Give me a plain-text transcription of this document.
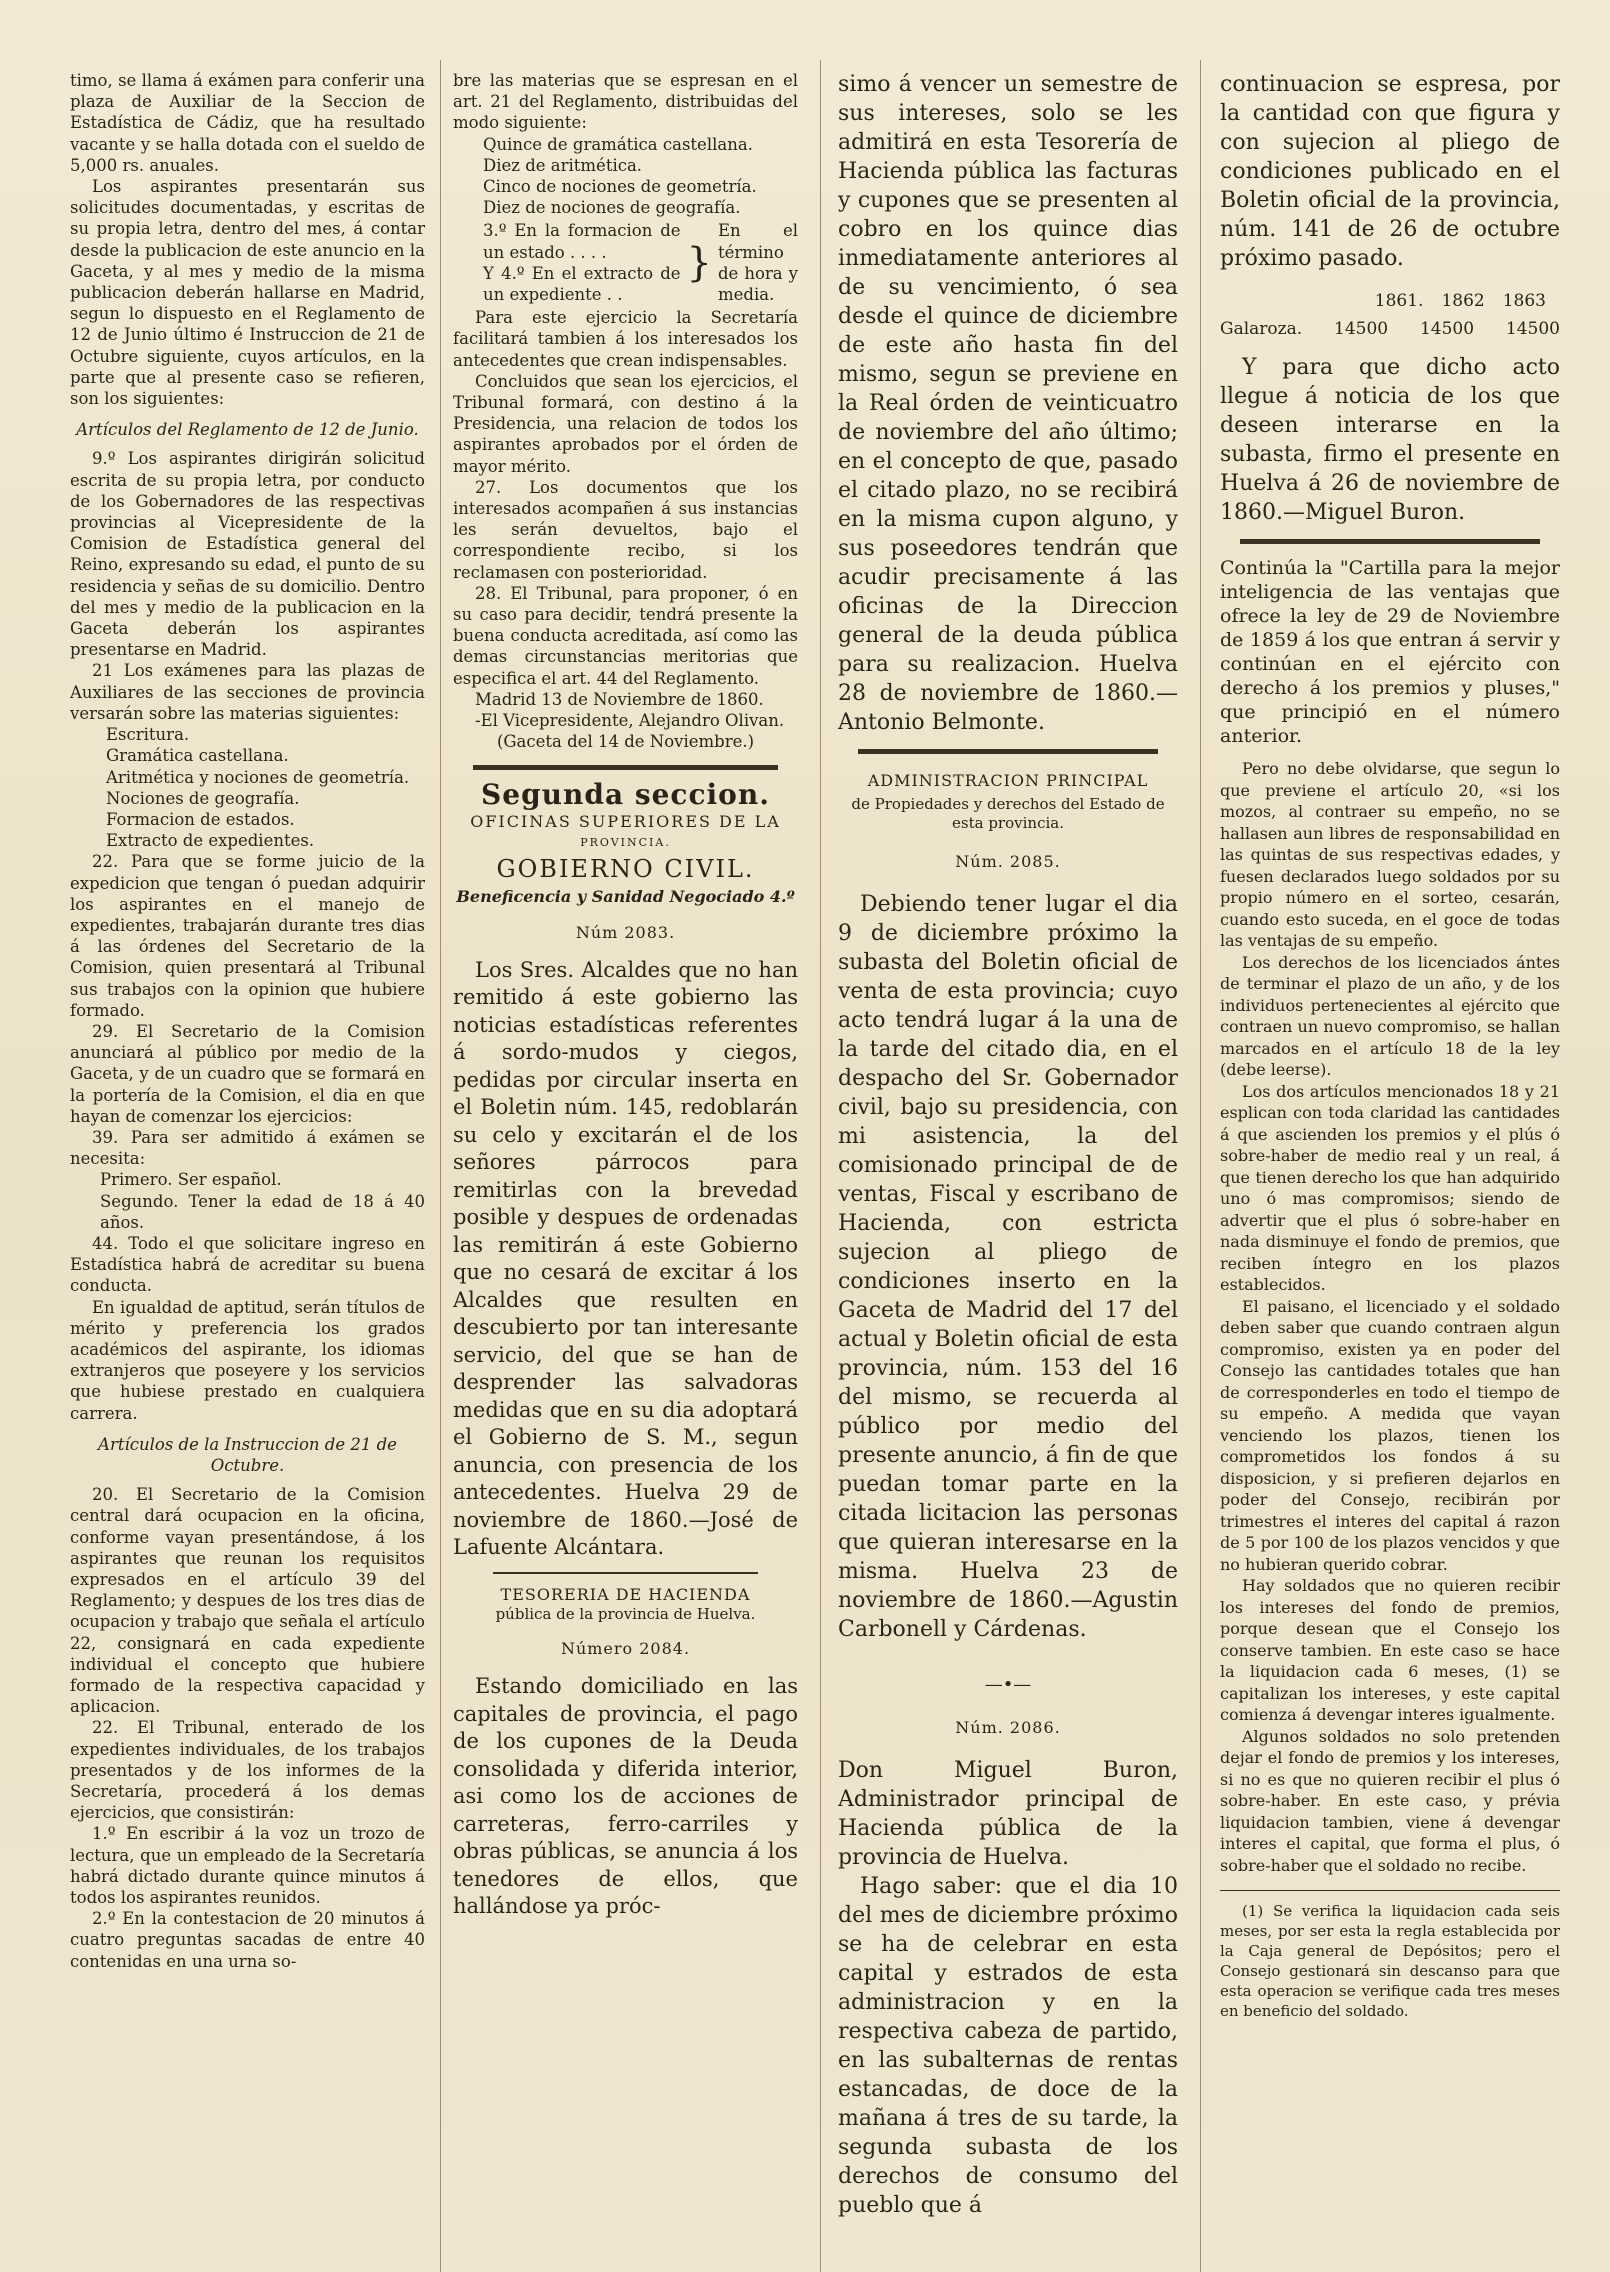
timo, se llama á exámen para conferir una plaza de Auxiliar de la Seccion de Estadística de Cádiz, que ha resultado vacante y se halla dotada con el sueldo de 5,000 rs. anuales.

Los aspirantes presentarán sus solicitudes documentadas, y escritas de su propia letra, dentro del mes, á contar desde la publicacion de este anuncio en la Gaceta, y al mes y medio de la misma publicacion deberán hallarse en Madrid, segun lo dispuesto en el Reglamento de 12 de Junio último é Instruccion de 21 de Octubre siguiente, cuyos artículos, en la parte que al presente caso se refieren, son los siguientes:

Artículos del Reglamento de 12 de Junio.

9.º Los aspirantes dirigirán solicitud escrita de su propia letra, por conducto de los Gobernadores de las respectivas provincias al Vicepresidente de la Comision de Estadística general del Reino, expresando su edad, el punto de su residencia y señas de su domicilio. Dentro del mes y medio de la publicacion en la Gaceta deberán los aspirantes presentarse en Madrid.

21 Los exámenes para las plazas de Auxiliares de las secciones de provincia versarán sobre las materias siguientes:

Escritura.

Gramática castellana.

Aritmética y nociones de geometría.

Nociones de geografía.

Formacion de estados.

Extracto de expedientes.

22. Para que se forme juicio de la expedicion que tengan ó puedan adquirir los aspirantes en el manejo de expedientes, trabajarán durante tres dias á las órdenes del Secretario de la Comision, quien presentará al Tribunal sus trabajos con la opinion que hubiere formado.

29. El Secretario de la Comision anunciará al público por medio de la Gaceta, y de un cuadro que se formará en la portería de la Comision, el dia en que hayan de comenzar los ejercicios:

39. Para ser admitido á exámen se necesita:

Primero. Ser español.

Segundo. Tener la edad de 18 á 40 años.

44. Todo el que solicitare ingreso en Estadística habrá de acreditar su buena conducta.

En igualdad de aptitud, serán títulos de mérito y preferencia los grados académicos del aspirante, los idiomas extranjeros que poseyere y los servicios que hubiese prestado en cualquiera carrera.

Artículos de la Instruccion de 21 de Octubre.

20. El Secretario de la Comision central dará ocupacion en la oficina, conforme vayan presentándose, á los aspirantes que reunan los requisitos expresados en el artículo 39 del Reglamento; y despues de los tres dias de ocupacion y trabajo que señala el artículo 22, consignará en cada expediente individual el concepto que hubiere formado de la respectiva capacidad y aplicacion.

22. El Tribunal, enterado de los expedientes individuales, de los trabajos presentados y de los informes de la Secretaría, procederá á los demas ejercicios, que consistirán:

1.º En escribir á la voz un trozo de lectura, que un empleado de la Secretaría habrá dictado durante quince minutos á todos los aspirantes reunidos.

2.º En la contestacion de 20 minutos á cuatro preguntas sacadas de entre 40 contenidas en una urna so-

bre las materias que se espresan en el art. 21 del Reglamento, distribuidas del modo siguiente:

Quince de gramática castellana.

Diez de aritmética.

Cinco de nociones de geometría.

Diez de nociones de geografía.

3.º En la formacion de un estado . . . .

Y 4.º En el extracto de un expediente . .

}

En el término de hora y media.

Para este ejercicio la Secretaría facilitará tambien á los interesados los antecedentes que crean indispensables.

Concluidos que sean los ejercicios, el Tribunal formará, con destino á la Presidencia, una relacion de todos los aspirantes aprobados por el órden de mayor mérito.

27. Los documentos que los interesados acompañen á sus instancias les serán devueltos, bajo el correspondiente recibo, si los reclamasen con posterioridad.

28. El Tribunal, para proponer, ó en su caso para decidir, tendrá presente la buena conducta acreditada, así como las demas circunstancias meritorias que especifica el art. 44 del Reglamento.

Madrid 13 de Noviembre de 1860.

-El Vicepresidente, Alejandro Olivan.

(Gaceta del 14 de Noviembre.)

Segunda seccion.

OFICINAS SUPERIORES DE LA

PROVINCIA.

GOBIERNO CIVIL.

Beneficencia y Sanidad Negociado 4.º

Núm 2083.

Los Sres. Alcaldes que no han remitido á este gobierno las noticias estadísticas referentes á sordo-mudos y ciegos, pedidas por circular inserta en el Boletin núm. 145, redoblarán su celo y excitarán el de los señores párrocos para remitirlas con la brevedad posible y despues de ordenadas las remitirán á este Gobierno que no cesará de excitar á los Alcaldes que resulten en descubierto por tan interesante servicio, del que se han de desprender las salvadoras medidas que en su dia adoptará el Gobierno de S. M., segun anuncia, con presencia de los antecedentes. Huelva 29 de noviembre de 1860.—José de Lafuente Alcántara.

TESORERIA DE HACIENDA

pública de la provincia de Huelva.

Número 2084.

Estando domiciliado en las capitales de provincia, el pago de los cupones de la Deuda consolidada y diferida interior, asi como los de acciones de carreteras, ferro-carriles y obras públicas, se anuncia á los tenedores de ellos, que hallándose ya próc-

simo á vencer un semestre de sus intereses, solo se les admitirá en esta Tesorería de Hacienda pública las facturas y cupones que se presenten al cobro en los quince dias inmediatamente anteriores al de su vencimiento, ó sea desde el quince de diciembre de este año hasta fin del mismo, segun se previene en la Real órden de veinticuatro de noviembre del año último; en el concepto de que, pasado el citado plazo, no se recibirá en la misma cupon alguno, y sus poseedores tendrán que acudir precisamente á las oficinas de la Direccion general de la deuda pública para su realizacion. Huelva 28 de noviembre de 1860.—Antonio Belmonte.

ADMINISTRACION PRINCIPAL

de Propiedades y derechos del Estado de esta provincia.

Núm. 2085.

Debiendo tener lugar el dia 9 de diciembre próximo la subasta del Boletin oficial de venta de esta provincia; cuyo acto tendrá lugar á la una de la tarde del citado dia, en el despacho del Sr. Gobernador civil, bajo su presidencia, con mi asistencia, la del comisionado principal de de ventas, Fiscal y escribano de Hacienda, con estricta sujecion al pliego de condiciones inserto en la Gaceta de Madrid del 17 del actual y Boletin oficial de esta provincia, núm. 153 del 16 del mismo, se recuerda al público por medio del presente anuncio, á fin de que puedan tomar parte en la citada licitacion las personas que quieran interesarse en la misma. Huelva 23 de noviembre de 1860.—Agustin Carbonell y Cárdenas.

—•—

Núm. 2086.

Don Miguel Buron, Administrador principal de Hacienda pública de la provincia de Huelva.

Hago saber: que el dia 10 del mes de diciembre próximo se ha de celebrar en esta capital y estrados de esta administracion y en la respectiva cabeza de partido, en las subalternas de rentas estancadas, de doce de la mañana á tres de su tarde, la segunda subasta de los derechos de consumo del pueblo que á

continuacion se espresa, por la cantidad con que figura y con sujecion al pliego de condiciones publicado en el Boletin oficial de la provincia, núm. 141 de 26 de octubre próximo pasado.

1861. 1862 1863
Galaroza. 14500 14500 14500

Y para que dicho acto llegue á noticia de los que deseen interarse en la subasta, firmo el presente en Huelva á 26 de noviembre de 1860.—Miguel Buron.

Continúa la "Cartilla para la mejor inteligencia de las ventajas que ofrece la ley de 29 de Noviembre de 1859 á los que entran á servir y continúan en el ejército con derecho á los premios y pluses," que principió en el número anterior.

Pero no debe olvidarse, que segun lo que previene el artículo 20, «si los mozos, al contraer su empeño, no se hallasen aun libres de responsabilidad en las quintas de sus respectivas edades, y fuesen declarados luego soldados por su propio número en el sorteo, cesarán, cuando esto suceda, en el goce de todas las ventajas de su empeño.

Los derechos de los licenciados ántes de terminar el plazo de un año, y de los individuos pertenecientes al ejército que contraen un nuevo compromiso, se hallan marcados en el artículo 18 de la ley (debe leerse).

Los dos artículos mencionados 18 y 21 esplican con toda claridad las cantidades á que ascienden los premios y el plús ó sobre-haber de medio real y un real, á que tienen derecho los que han adquirido uno ó mas compromisos; siendo de advertir que el plus ó sobre-haber en nada disminuye el fondo de premios, que reciben íntegro en los plazos establecidos.

El paisano, el licenciado y el soldado deben saber que cuando contraen algun compromiso, existen ya en poder del Consejo las cantidades totales que han de corresponderles en todo el tiempo de su empeño. A medida que vayan venciendo los plazos, tienen los comprometidos los fondos á su disposicion, y si prefieren dejarlos en poder del Consejo, recibirán por trimestres el interes del capital á razon de 5 por 100 de los plazos vencidos y que no hubieran querido cobrar.

Hay soldados que no quieren recibir los intereses del fondo de premios, porque desean que el Consejo los conserve tambien. En este caso se hace la liquidacion cada 6 meses, (1) se capitalizan los intereses, y este capital comienza á devengar interes igualmente.

Algunos soldados no solo pretenden dejar el fondo de premios y los intereses, si no es que no quieren recibir el plus ó sobre-haber. En este caso, y prévia liquidacion tambien, viene á devengar interes el capital, que forma el plus, ó sobre-haber que el soldado no recibe.

(1) Se verifica la liquidacion cada seis meses, por ser esta la regla establecida por la Caja general de Depósitos; pero el Consejo gestionará sin descanso para que esta operacion se verifique cada tres meses en beneficio del soldado.
